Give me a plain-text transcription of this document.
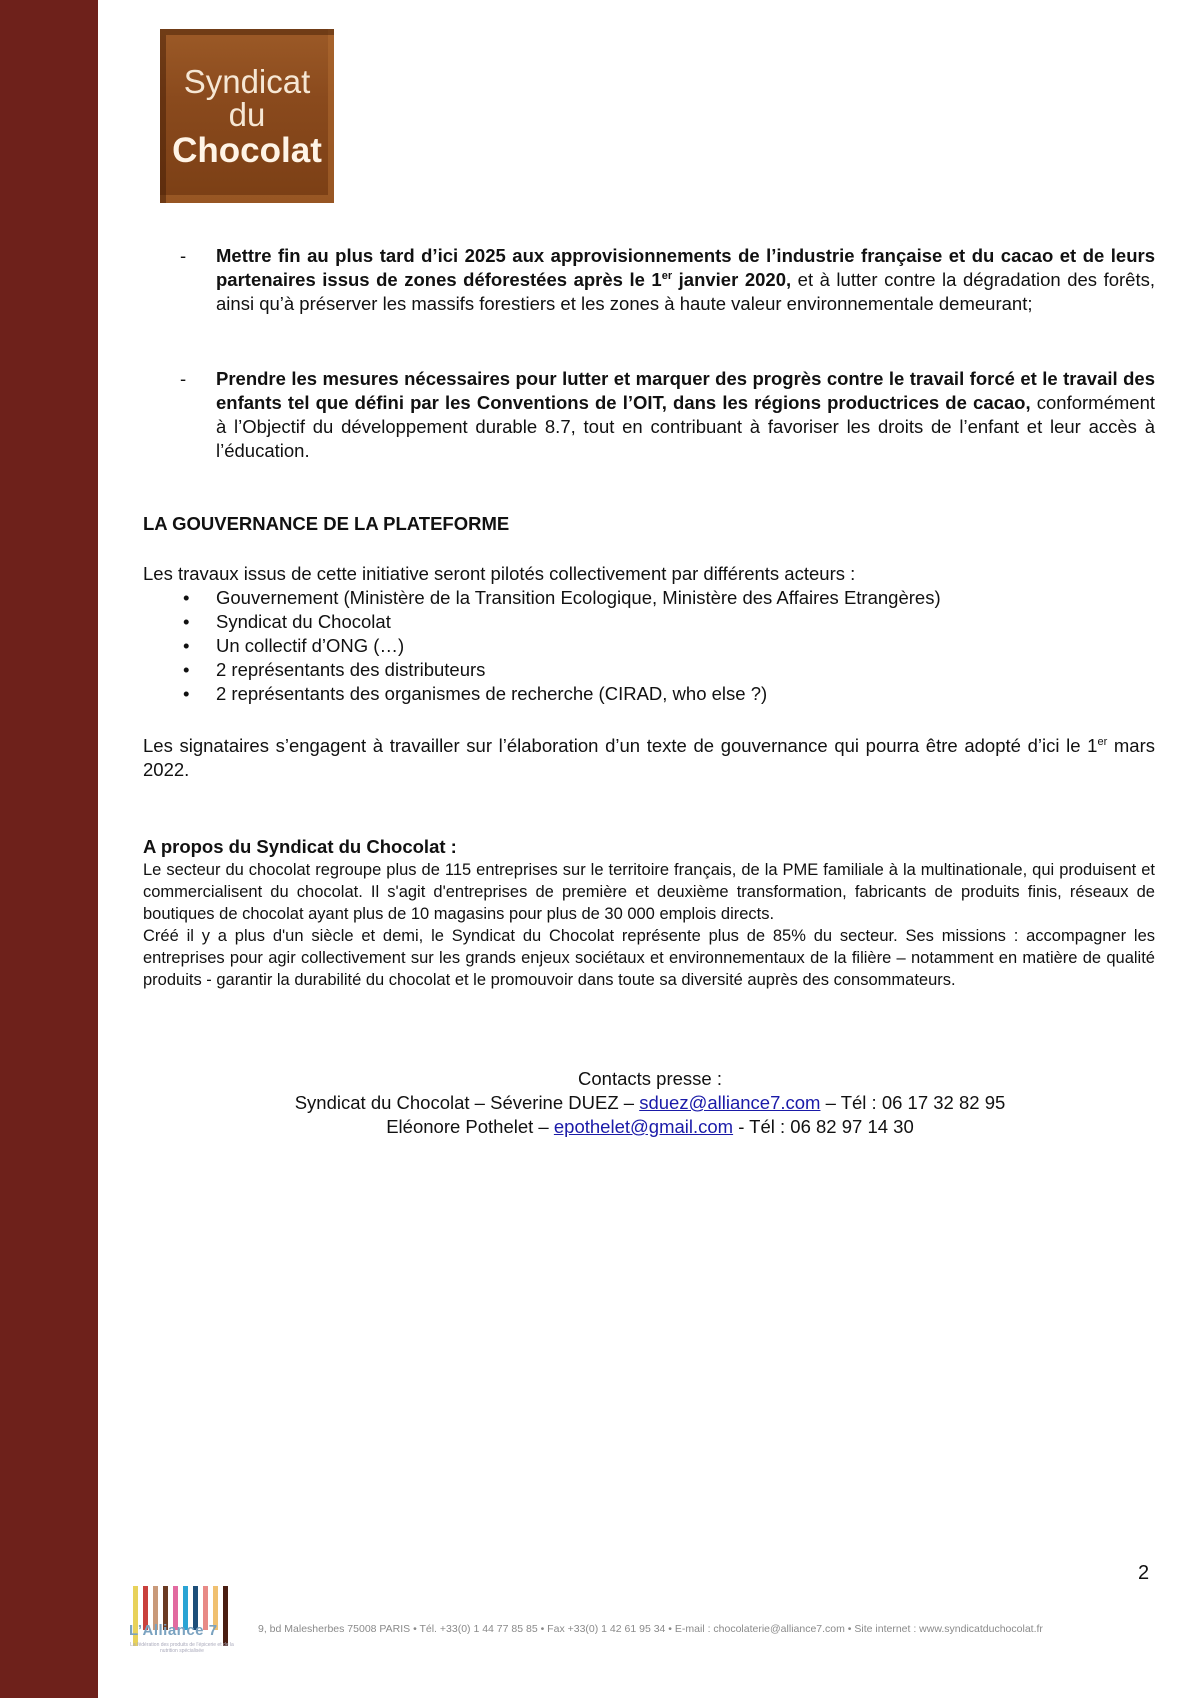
Syndicat
du
Chocolat
- Mettre fin au plus tard d’ici 2025 aux approvisionnements de l’industrie française et du cacao et de leurs partenaires issus de zones déforestées après le 1er janvier 2020, et à lutter contre la dégradation des forêts, ainsi qu’à préserver les massifs forestiers et les zones à haute valeur environnementale demeurant;
- Prendre les mesures nécessaires pour lutter et marquer des progrès contre le travail forcé et le travail des enfants tel que défini par les Conventions de l’OIT, dans les régions productrices de cacao, conformément à l’Objectif du développement durable 8.7, tout en contribuant à favoriser les droits de l’enfant et leur accès à l’éducation.
LA GOUVERNANCE DE LA PLATEFORME
Les travaux issus de cette initiative seront pilotés collectivement par différents acteurs :
• Gouvernement (Ministère de la Transition Ecologique, Ministère des Affaires Etrangères)
• Syndicat du Chocolat
• Un collectif d’ONG (…)
• 2 représentants des distributeurs
• 2 représentants des organismes de recherche (CIRAD, who else ?)
Les signataires s’engagent à travailler sur l’élaboration d’un texte de gouvernance qui pourra être adopté d’ici le 1er mars 2022.
A propos du Syndicat du Chocolat :

Le secteur du chocolat regroupe plus de 115 entreprises sur le territoire français, de la PME familiale à la multinationale, qui produisent et commercialisent du chocolat. Il s'agit d'entreprises de première et deuxième transformation, fabricants de produits finis, réseaux de boutiques de chocolat ayant plus de 10 magasins pour plus de 30 000 emplois directs.

Créé il y a plus d'un siècle et demi, le Syndicat du Chocolat représente plus de 85% du secteur. Ses missions : accompagner les entreprises pour agir collectivement sur les grands enjeux sociétaux et environnementaux de la filière – notamment en matière de qualité produits - garantir la durabilité du chocolat et le promouvoir dans toute sa diversité auprès des consommateurs.

Contacts presse :
Syndicat du Chocolat – Séverine DUEZ – sduez@alliance7.com – Tél : 06 17 32 82 95
Eléonore Pothelet – epothelet@gmail.com - Tél : 06 82 97 14 30
2
L’Alliance 7
La fédération des produits de l’épicerie et de la nutrition spécialisée
9, bd Malesherbes 75008 PARIS • Tél. +33(0) 1 44 77 85 85 • Fax +33(0) 1 42 61 95 34 • E-mail : chocolaterie@alliance7.com • Site internet : www.syndicatduchocolat.fr
